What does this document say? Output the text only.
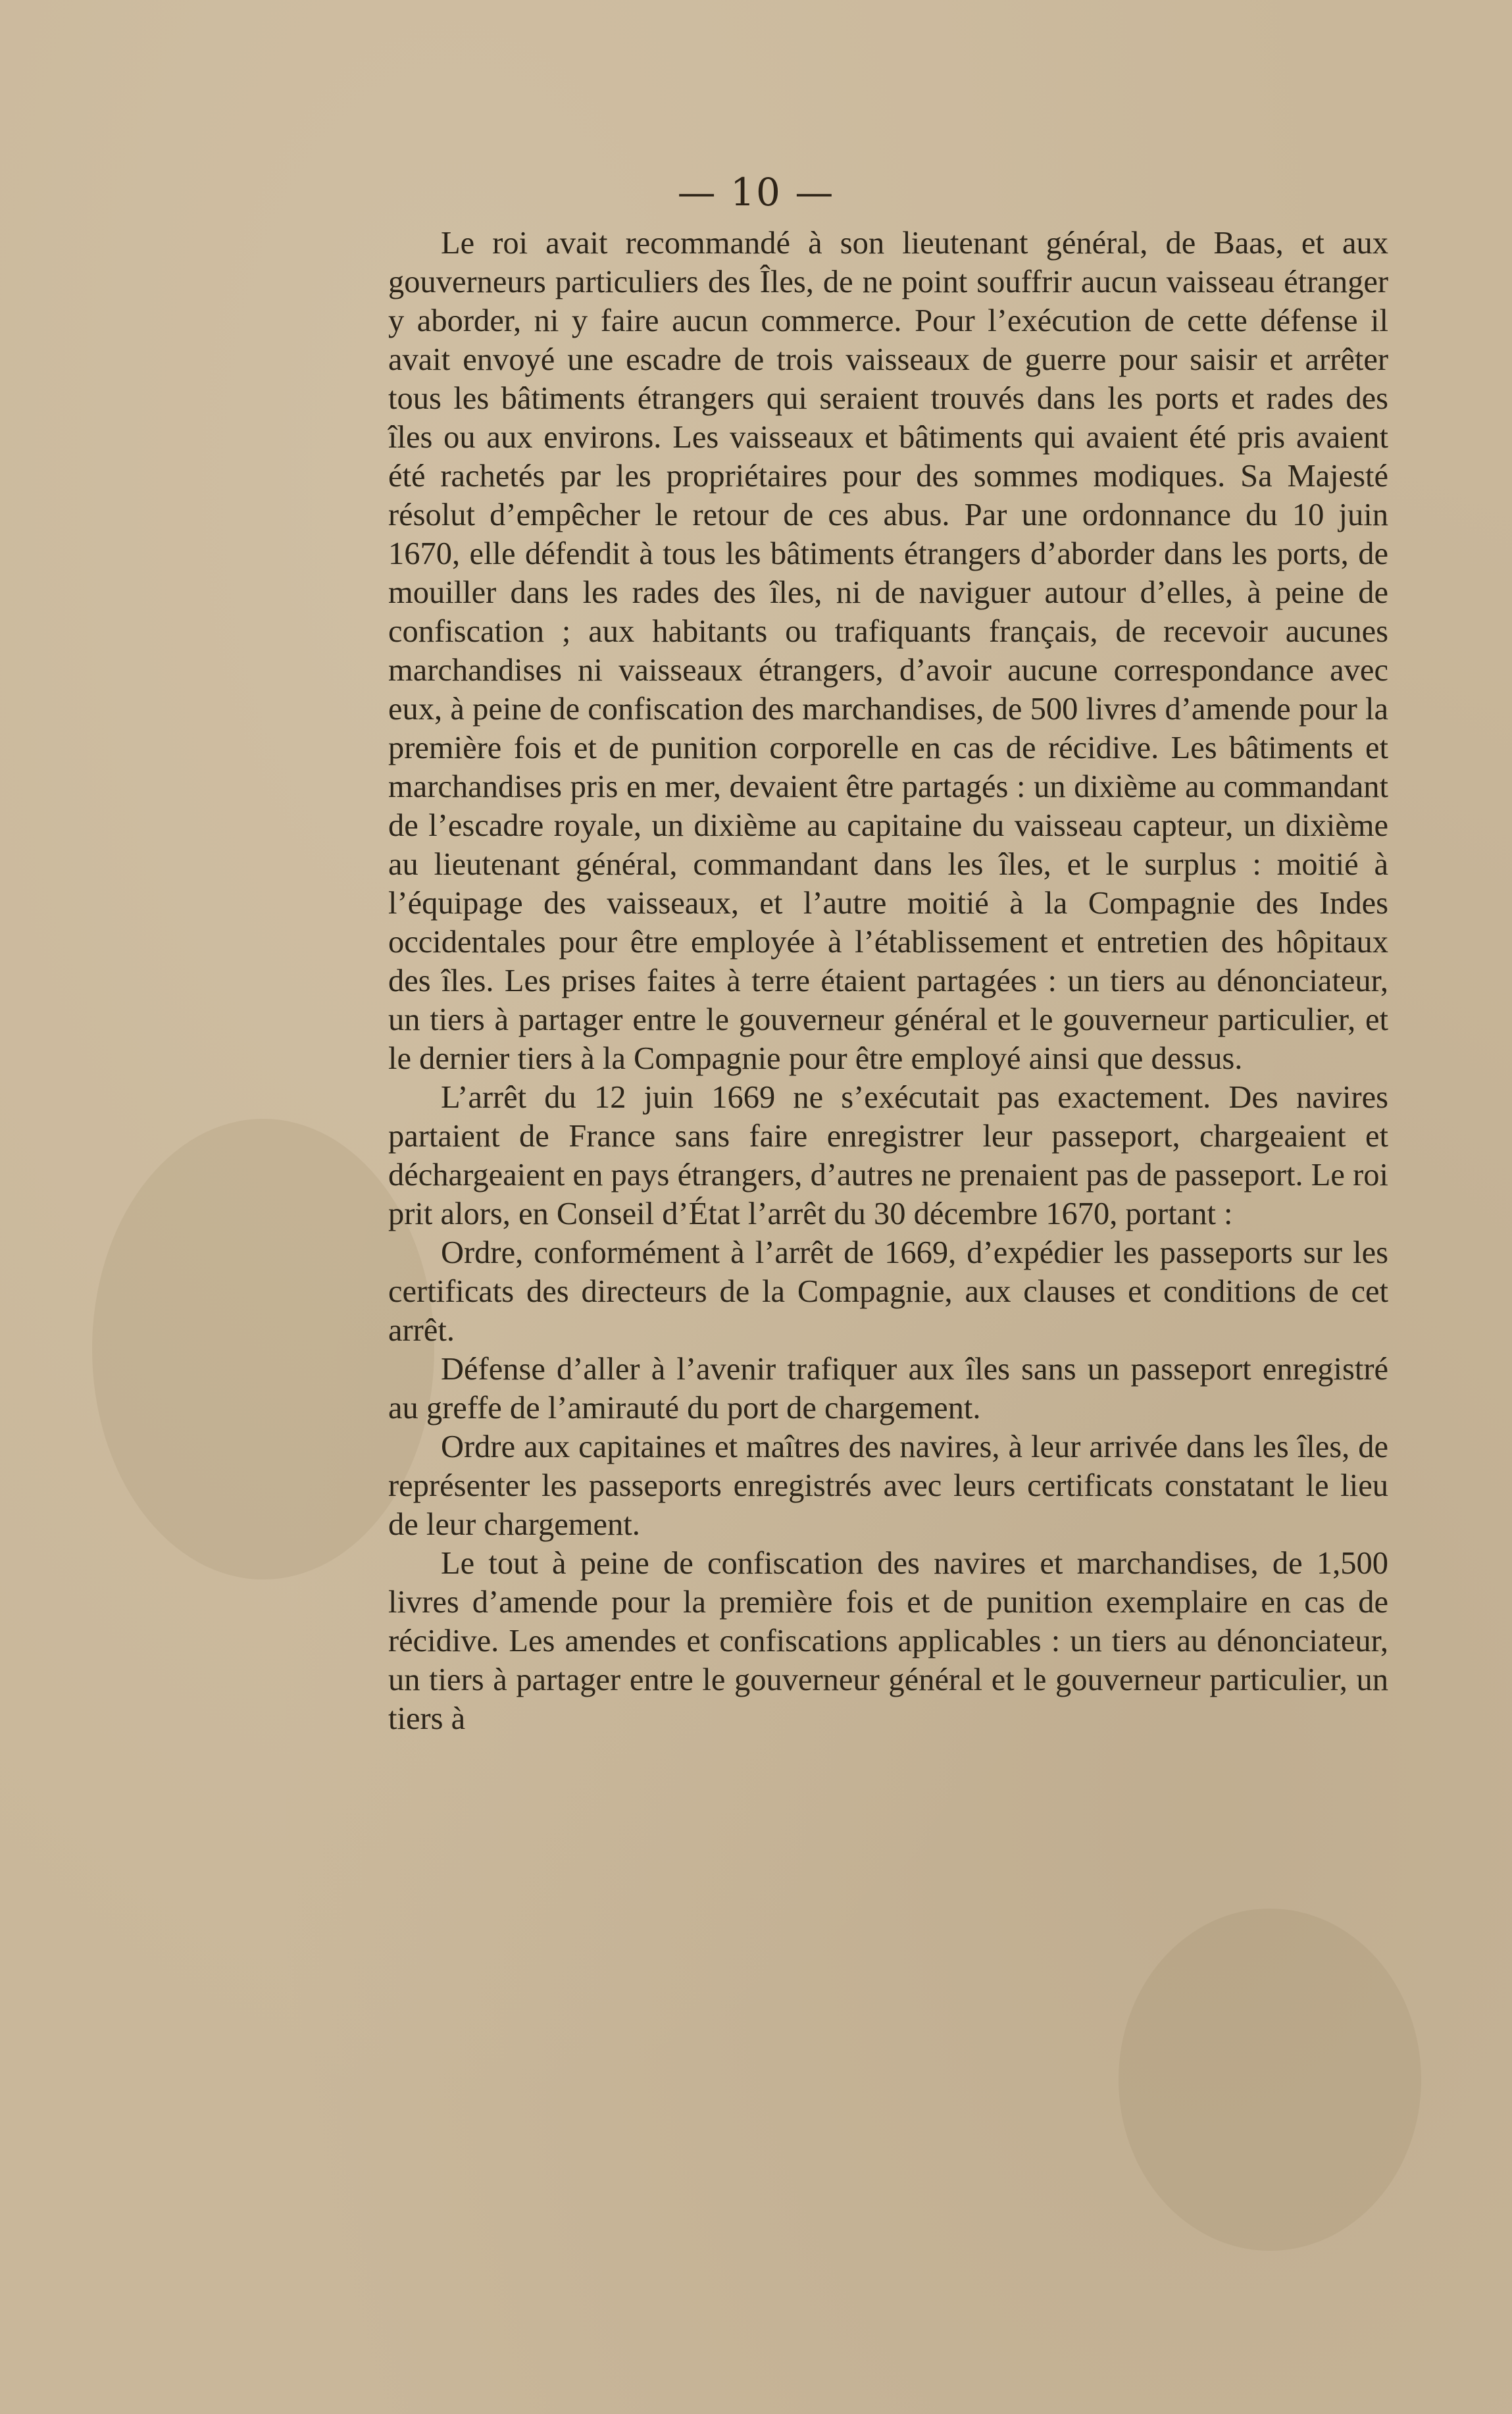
— 10 —

Le roi avait recommandé à son lieutenant général, de Baas, et aux gouverneurs particuliers des Îles, de ne point souffrir aucun vaisseau étranger y aborder, ni y faire aucun commerce. Pour l’exécution de cette défense il avait envoyé une escadre de trois vaisseaux de guerre pour saisir et arrêter tous les bâtiments étrangers qui seraient trouvés dans les ports et rades des îles ou aux environs. Les vaisseaux et bâtiments qui avaient été pris avaient été rachetés par les propriétaires pour des sommes modiques. Sa Majesté résolut d’empêcher le retour de ces abus. Par une ordonnance du 10 juin 1670, elle défendit à tous les bâtiments étrangers d’aborder dans les ports, de mouiller dans les rades des îles, ni de naviguer autour d’elles, à peine de confiscation ; aux habitants ou trafiquants français, de recevoir aucunes marchandises ni vaisseaux étrangers, d’avoir aucune correspondance avec eux, à peine de confiscation des marchandises, de 500 livres d’amende pour la première fois et de punition corporelle en cas de récidive. Les bâtiments et marchandises pris en mer, devaient être partagés : un dixième au commandant de l’escadre royale, un dixième au capitaine du vaisseau capteur, un dixième au lieutenant général, commandant dans les îles, et le surplus : moitié à l’équipage des vaisseaux, et l’autre moitié à la Compagnie des Indes occidentales pour être employée à l’établissement et entretien des hôpitaux des îles. Les prises faites à terre étaient partagées : un tiers au dénonciateur, un tiers à partager entre le gouverneur général et le gouverneur particulier, et le dernier tiers à la Compagnie pour être employé ainsi que dessus.

L’arrêt du 12 juin 1669 ne s’exécutait pas exactement. Des navires partaient de France sans faire enregistrer leur passeport, chargeaient et déchargeaient en pays étrangers, d’autres ne prenaient pas de passeport. Le roi prit alors, en Conseil d’État l’arrêt du 30 décembre 1670, portant :

Ordre, conformément à l’arrêt de 1669, d’expédier les passeports sur les certificats des directeurs de la Compagnie, aux clauses et conditions de cet arrêt.

Défense d’aller à l’avenir trafiquer aux îles sans un passeport enregistré au greffe de l’amirauté du port de chargement.

Ordre aux capitaines et maîtres des navires, à leur arrivée dans les îles, de représenter les passeports enregistrés avec leurs certificats constatant le lieu de leur chargement.

Le tout à peine de confiscation des navires et marchandises, de 1,500 livres d’amende pour la première fois et de punition exemplaire en cas de récidive. Les amendes et confiscations applicables : un tiers au dénonciateur, un tiers à partager entre le gouverneur général et le gouverneur particulier, un tiers à
